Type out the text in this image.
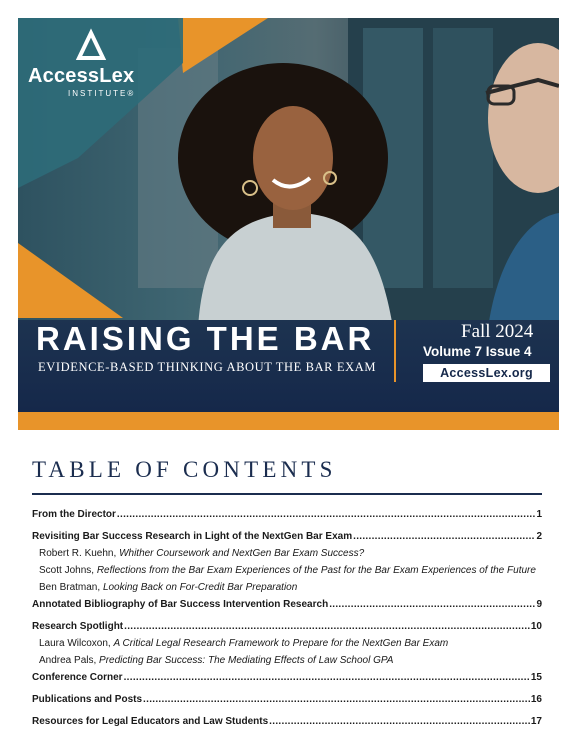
AccessLex
INSTITUTE®
RAISING THE BAR
EVIDENCE-BASED THINKING ABOUT THE BAR EXAM
Fall 2024
Volume 7 Issue 4
AccessLex.org
TABLE OF CONTENTS
From the Director .....	1
Revisiting Bar Success Research in Light of the NextGen Bar Exam .....	2
Robert R. Kuehn, Whither Coursework and NextGen Bar Exam Success?
Scott Johns, Reflections from the Bar Exam Experiences of the Past for the Bar Exam Experiences of the Future
Ben Bratman, Looking Back on For-Credit Bar Preparation
Annotated Bibliography of Bar Success Intervention Research .....	9
Research Spotlight .....	10
Laura Wilcoxon, A Critical Legal Research Framework to Prepare for the NextGen Bar Exam
Andrea Pals, Predicting Bar Success: The Mediating Effects of Law School GPA
Conference Corner .....	15
Publications and Posts .....	16
Resources for Legal Educators and Law Students .....	17
